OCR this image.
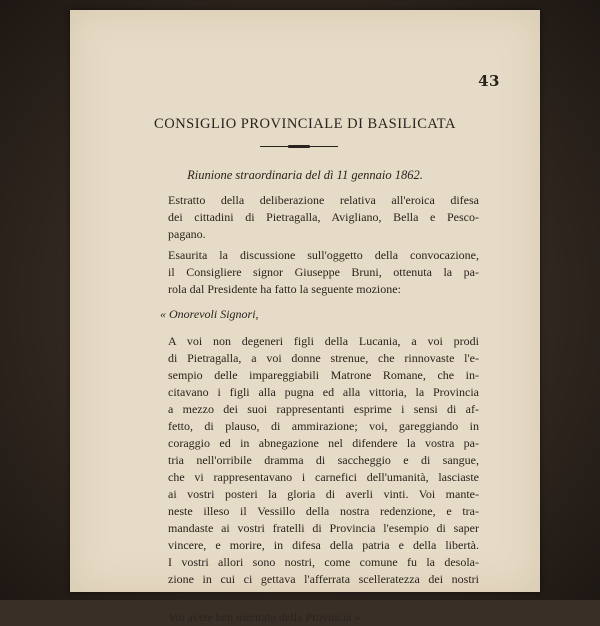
43
CONSIGLIO PROVINCIALE DI BASILICATA
Riunione straordinaria del dì 11 gennaio 1862.
Estratto della deliberazione relativa all'eroica difesa
dei cittadini di Pietragalla, Avigliano, Bella e Pesco-
pagano.
Esaurita la discussione sull'oggetto della convocazione,
il Consigliere signor Giuseppe Bruni, ottenuta la pa-
rola dal Presidente ha fatto la seguente mozione:
« Onorevoli Signori,
A voi non degeneri figli della Lucania, a voi prodi
di Pietragalla, a voi donne strenue, che rinnovaste l'e-
sempio delle impareggiabili Matrone Romane, che in-
citavano i figli alla pugna ed alla vittoria, la Provincia
a mezzo dei suoi rappresentanti esprime i sensi di af-
fetto, di plauso, di ammirazione; voi, gareggiando in
coraggio ed in abnegazione nel difendere la vostra pa-
tria nell'orribile dramma di saccheggio e di sangue,
che vi rappresentavano i carnefici dell'umanità, lasciaste
ai vostri posteri la gloria di averli vinti. Voi mante-
neste illeso il Vessillo della nostra redenzione, e tra-
mandaste ai vostri fratelli di Provincia l'esempio di saper
vincere, e morire, in difesa della patria e della libertà.
I vostri allori sono nostri, come comune fu la desola-
zione in cui ci gettava l'afferrata scelleratezza dei nostri
nemici.
Voi avete ben meritato della Provincia ».
